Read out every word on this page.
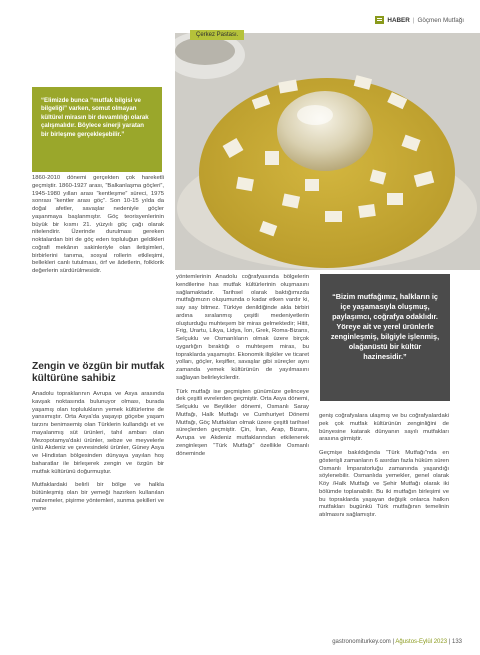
HABER | Göçmen Mutfağı
Çerkez Pastası.

“Elimizde bunca “mutfak bilgisi ve bilgeliği” varken, somut olmayan kültürel mirasın bir devamlılığı olarak çalışmalıdır. Böylece sinerji yaratan bir birleşme gerçekleşebilir.”

1860-2010 dönemi gerçekten çok hareketli geçmiştir. 1860-1927 arası, “Balkanlaşma göçleri”, 1945-1980 yılları arası “kentleşme” süreci, 1975 sonrası “kentler arası göç”. Son 10-15 yılda da doğal afetler, savaşlar nedeniyle göçler yaşanmaya başlanmıştır. Göç teorisyenlerinin büyük bir kısmı 21. yüzyılı göç çağı olarak nitelendirir. Üzerinde durulması gereken noktalardan biri de göç eden topluluğun geldikleri coğrafi mekânın sakinleriyle olan iletişimleri, birbirlerini tanıma, sosyal rollerin etkileşimi, bellekleri canlı tutulması, örf ve âdetlerin, folklorik değerlerin sürdürülmesidir.

Zengin ve özgün bir mutfak kültürüne sahibiz

Anadolu topraklarının Avrupa ve Asya arasında kavşak noktasında bulunuyor olması, burada yaşamış olan toplulukların yemek kültürlerine de yansımıştır. Orta Asya'da yaşayıp göçebe yaşam tarzını benimsemiş olan Türklerin kullandığı et ve mayalanmış süt ürünleri, tahıl ambarı olan Mezopotamya'daki ürünler, sebze ve meyvelerle ünlü Akdeniz ve çevresindeki ürünler, Güney Asya ve Hindistan bölgesinden dünyaya yayılan hoş baharatlar ile birleşerek zengin ve özgün bir mutfak kültürünü doğurmuştur.

Mutfaklardaki belirli bir bölge ve halkla bütünleşmiş olan bir yemeği hazırken kullanılan malzemeler, pişirme yöntemleri, sunma şekilleri ve yeme

yöntemlerinin Anadolu coğrafyasında bölgelerin kendilerine has mutfak kültürlerinin oluşmasını sağlamaktadır. Tarihsel olarak baktığımızda mutfağımızın oluşumunda o kadar etken vardır ki, say say bitmez. Türkiye denildiğinde akla birbiri ardına sıralanmış çeşitli medeniyetlerin oluşturduğu muhteşem bir miras gelmektedir; Hitit, Frig, Urartu, Likya, Lidya, İon, Grek, Roma-Bizans, Selçuklu ve Osmanlıların olmak üzere birçok uygarlığın bıraktığı o muhteşem miras, bu topraklarda yaşamıştır. Ekonomik ilişkiler ve ticaret yolları, göçler, keşifler, savaşlar gibi süreçler aynı zamanda yemek kültürünün de yayılmasını sağlayan belirleyicilerdir.

Türk mutfağı ise geçmişten günümüze gelinceye dek çeşitli evrelerden geçmiştir. Orta Asya dönemi, Selçuklu ve Beylikler dönemi, Osmanlı Saray Mutfağı, Halk Mutfağı ve Cumhuriyet Dönemi Mutfağı, Göç Mutfakları olmak üzere çeşitli tarihsel süreçlerden geçmiştir. Çin, İran, Arap, Bizans, Avrupa ve Akdeniz mutfaklarından etkilenerek zenginleşen “Türk Mutfağı” özellikle Osmanlı döneminde

“Bizim mutfağımız, halkların iç içe yaşamasıyla oluşmuş, paylaşımcı, coğrafya odaklıdır. Yöreye ait ve yerel ürünlerle zenginleşmiş, bilgiyle işlenmiş, olağanüstü bir kültür hazinesidir.”

geniş coğrafyalara ulaşmış ve bu coğrafyalardaki pek çok mutfak kültürünün zenginliğini de bünyesine katarak dünyanın sayılı mutfakları arasına girmiştir.

Geçmişe bakıldığında “Türk Mutfağı”nda en gösterişli zamanların 6 asırdan fazla hüküm süren Osmanlı İmparatorluğu zamanında yaşandığı söylenebilir. Osmanlıda yemekler, genel olarak Köy /Halk Mutfağı ve Şehir Mutfağı olarak iki bölümde toplanabilir. Bu iki mutfağın birleşimi ve bu topraklarda yaşayan değişik onlarca halkın mutfakları bugünkü Türk mutfağının temelinin atılmasını sağlamıştır.

gastronomiturkey.com | Ağustos-Eylül 2023 | 133
